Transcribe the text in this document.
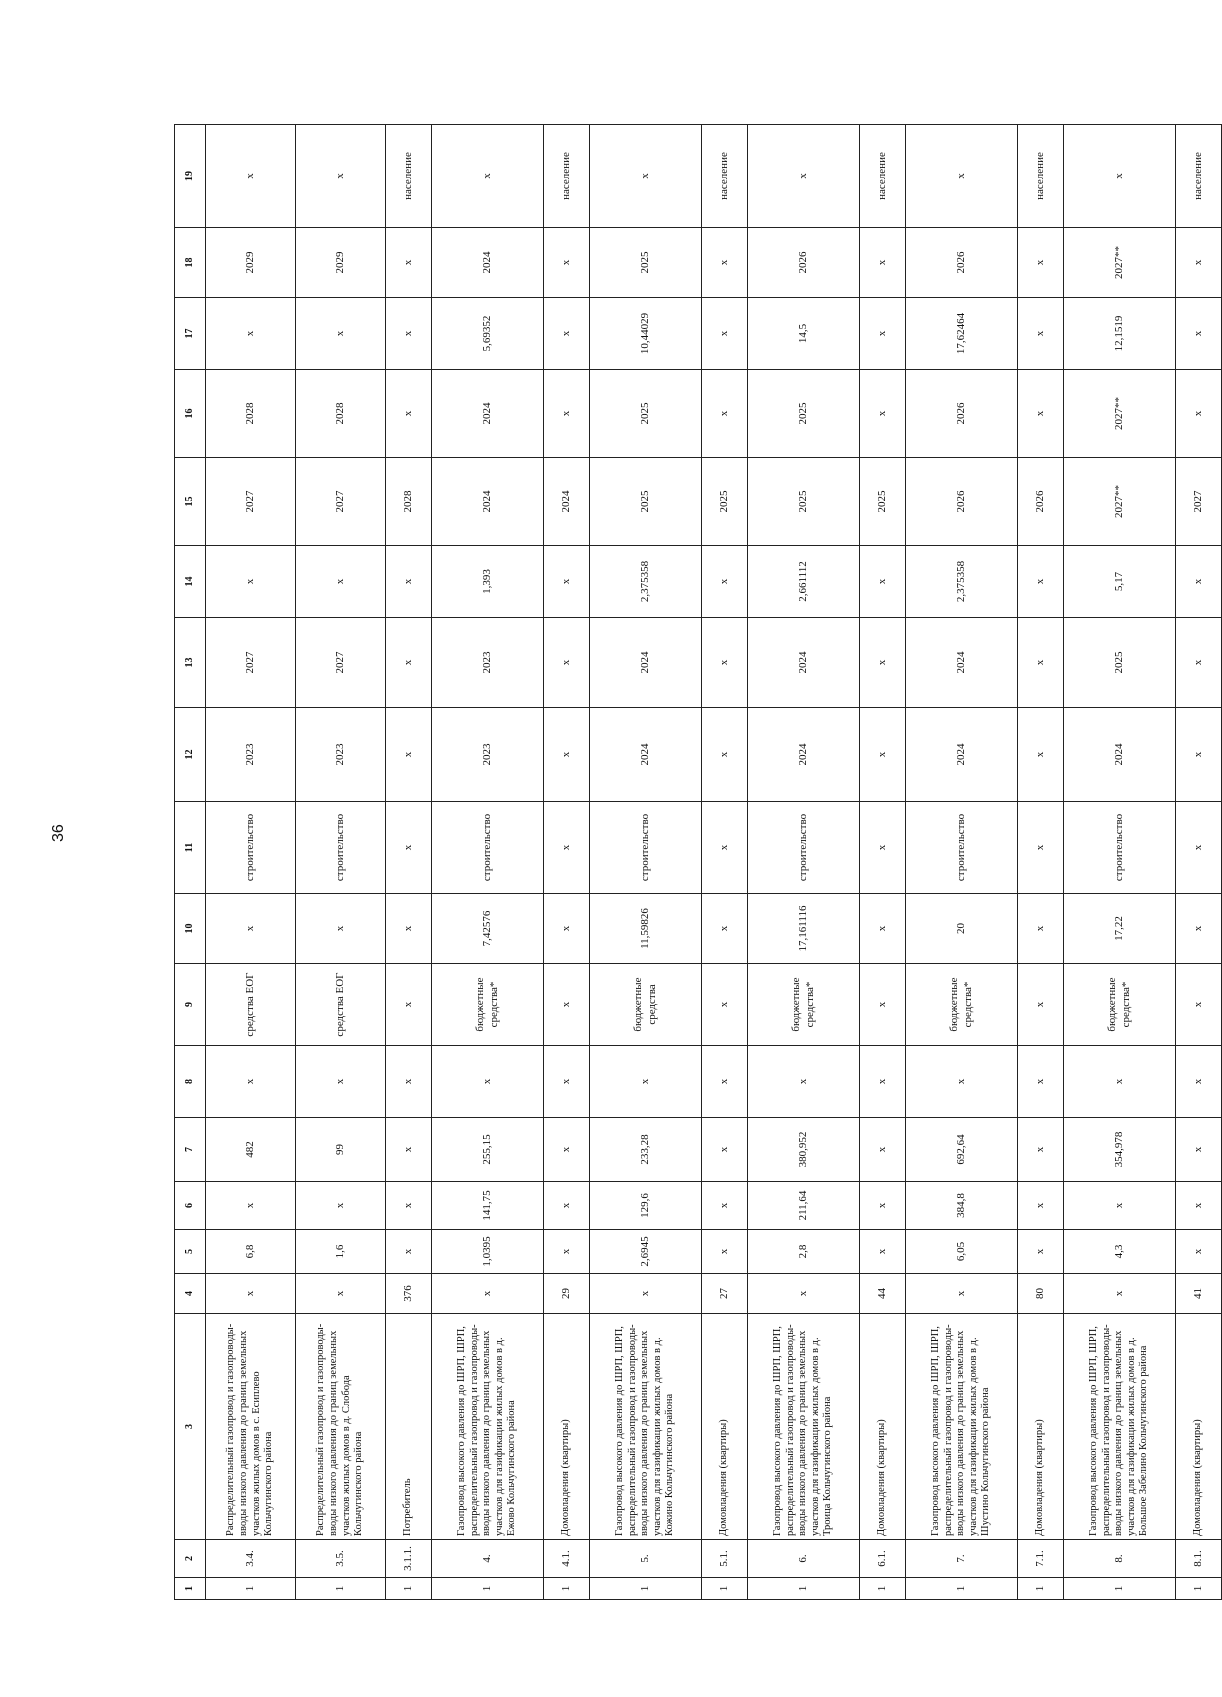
36
1	2	3	4	5	6	7	8	9	10	11	12	13	14	15	16	17	18	19
1	3.4.	Распределительный газопровод и газопроводы-вводы низкого давления до границ земельных участков жилых домов в с. Есиплево Кольчугинского района	x	6,8	x	482	x	средства ЕОГ	x	строительство	2023	2027	x	2027	2028	x	2029	x
1	3.5.	Распределительный газопровод и газопроводы-вводы низкого давления до границ земельных участков жилых домов в д. Слобода Кольчугинского района	x	1,6	x	99	x	средства ЕОГ	x	строительство	2023	2027	x	2027	2028	x	2029	x
1	3.1.1.	Потребитель	376	x	x	x	x	x	x	x	x	x	x	2028	x	x	x	население
1	4.	Газопровод высокого давления до ШРП, ШРП, распределительный газопровод и газопроводы-вводы низкого давления до границ земельных участков для газификации жилых домов в д. Ежово Кольчугинского района	x	1,0395	141,75	255,15	x	бюджетные средства*	7,42576	строительство	2023	2023	1,393	2024	2024	5,69352	2024	x
1	4.1.	Домовладения (квартиры)	29	x	x	x	x	x	x	x	x	x	x	2024	x	x	x	население
1	5.	Газопровод высокого давления до ШРП, ШРП, распределительный газопровод и газопроводы-вводы низкого давления до границ земельных участков для газификации жилых домов в д. Кожино Кольчугинского района	x	2,6945	129,6	233,28	x	бюджетные средства	11,59826	строительство	2024	2024	2,375358	2025	2025	10,44029	2025	x
1	5.1.	Домовладения (квартиры)	27	x	x	x	x	x	x	x	x	x	x	2025	x	x	x	население
1	6.	Газопровод высокого давления до ШРП, ШРП, распределительный газопровод и газопроводы-вводы низкого давления до границ земельных участков для газификации жилых домов в д. Троица Кольчугинского района	x	2,8	211,64	380,952	x	бюджетные средства*	17,161116	строительство	2024	2024	2,661112	2025	2025	14,5	2026	x
1	6.1.	Домовладения (квартиры)	44	x	x	x	x	x	x	x	x	x	x	2025	x	x	x	население
1	7.	Газопровод высокого давления до ШРП, ШРП, распределительный газопровод и газопроводы-вводы низкого давления до границ земельных участков для газификации жилых домов в д. Шустино Кольчугинского района	x	6,05	384,8	692,64	x	бюджетные средства*	20	строительство	2024	2024	2,375358	2026	2026	17,62464	2026	x
1	7.1.	Домовладения (квартиры)	80	x	x	x	x	x	x	x	x	x	x	2026	x	x	x	население
1	8.	Газопровод высокого давления до ШРП, ШРП, распределительный газопровод и газопроводы-вводы низкого давления до границ земельных участков для газификации жилых домов в д. Большое Забелино Кольчугинского района	x	4,3	x	354,978	x	бюджетные средства*	17,22	строительство	2024	2025	5,17	2027**	2027**	12,1519	2027**	x
1	8.1.	Домовладения (квартиры)	41	x	x	x	x	x	x	x	x	x	x	2027	x	x	x	население
